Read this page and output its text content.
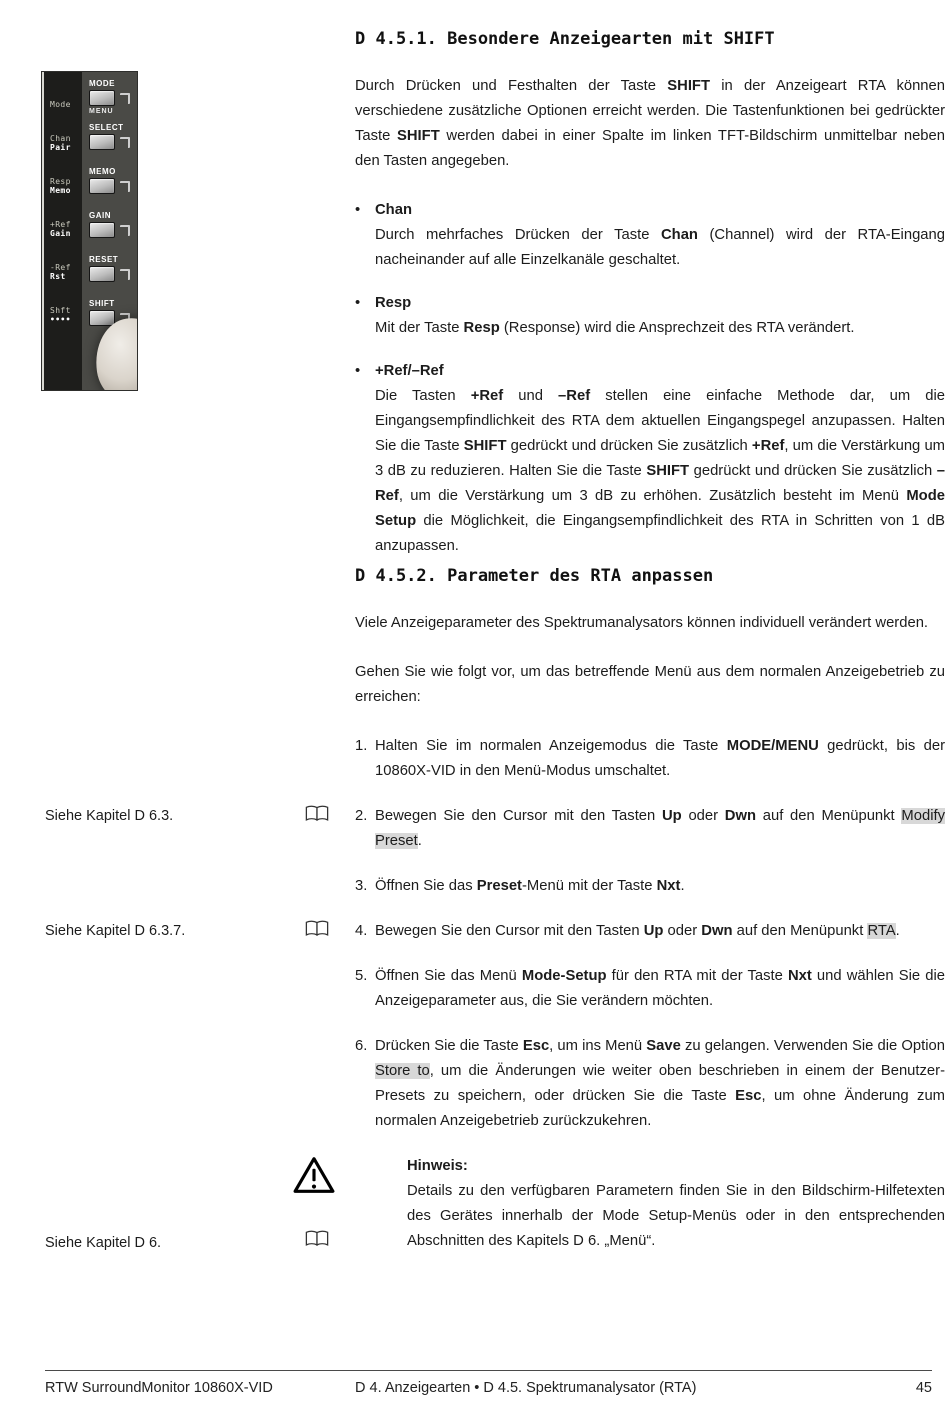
Mode
Chan
Pair
Resp
Memo
+Ref
Gain
-Ref
Rst
Shft
••••
MODE
MENU
SELECT
MEMO
GAIN
RESET
SHIFT
D 4.5.1. Besondere Anzeigearten mit SHIFT

Durch Drücken und Festhalten der Taste SHIFT in der Anzeigeart RTA können verschiedene zusätzliche Optionen erreicht werden. Die Tastenfunktionen bei gedrückter Taste SHIFT werden dabei in einer Spalte im linken TFT-Bildschirm unmittelbar neben den Tasten angegeben.

•	Chan
Durch mehrfaches Drücken der Taste Chan (Channel) wird der RTA-Eingang nacheinander auf alle Einzelkanäle geschaltet.
•	Resp
Mit der Taste Resp (Response) wird die Ansprechzeit des RTA verändert.
•	+Ref/–Ref
Die Tasten +Ref und –Ref stellen eine einfache Methode dar, um die Eingangsempfindlichkeit des RTA dem aktuellen Eingangspegel anzupassen. Halten Sie die Taste SHIFT gedrückt und drücken Sie zusätzlich +Ref, um die Verstärkung um 3 dB zu reduzieren. Halten Sie die Taste SHIFT gedrückt und drücken Sie zusätzlich –Ref, um die Verstärkung um 3 dB zu erhöhen. Zusätzlich besteht im Menü Mode Setup die Möglichkeit, die Eingangsempfindlichkeit des RTA in Schritten von 1 dB anzupassen.
D 4.5.2. Parameter des RTA anpassen

Viele Anzeigeparameter des Spektrumanalysators können individuell verändert werden.

Gehen Sie wie folgt vor, um das betreffende Menü aus dem normalen Anzeigebetrieb zu erreichen:

1. Halten Sie im normalen Anzeigemodus die Taste MODE/MENU gedrückt, bis der 10860X-VID in den Menü-Modus umschaltet.
Siehe Kapitel D 6.3.	2. Bewegen Sie den Cursor mit den Tasten Up oder Dwn auf den Menüpunkt Modify Preset.
3. Öffnen Sie das Preset-Menü mit der Taste Nxt.
Siehe Kapitel D 6.3.7.	4. Bewegen Sie den Cursor mit den Tasten Up oder Dwn auf den Menüpunkt RTA.
5. Öffnen Sie das Menü Mode-Setup für den RTA mit der Taste Nxt und wählen Sie die Anzeigeparameter aus, die Sie verändern möchten.
6. Drücken Sie die Taste Esc, um ins Menü Save zu gelangen. Verwenden Sie die Option Store to, um die Änderungen wie weiter oben beschrieben in einem der Benutzer-Presets zu speichern, oder drücken Sie die Taste Esc, um ohne Änderung zum normalen Anzeigebetrieb zurückzukehren.
Hinweis:

Details zu den verfügbaren Parametern finden Sie in den Bildschirm-Hilfetexten des Gerätes innerhalb der Mode Setup-Menüs oder in den entsprechenden Abschnitten des Kapitels D 6. „Menü“.

Siehe Kapitel D 6.
RTW SurroundMonitor 10860X-VID	D 4. Anzeigearten • D 4.5. Spektrumanalysator (RTA)	45
